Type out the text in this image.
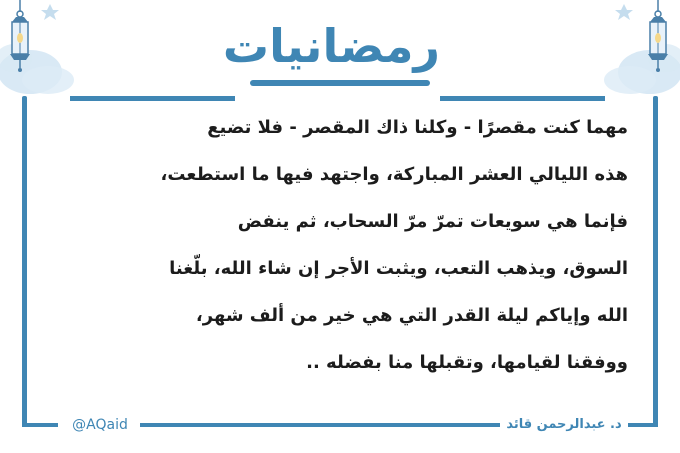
رمضانيات
مهما كنت مقصرًا - وكلنا ذاك المقصر - فلا تضيع
هذه الليالي العشر المباركة، واجتهد فيها ما استطعت،
فإنما هي سويعات تمرّ مرّ السحاب، ثم ينفض
السوق، ويذهب التعب، ويثبت الأجر إن شاء الله، بلّغنا
الله وإياكم ليلة القدر التي هي خير من ألف شهر،
ووفقنا لقيامها، وتقبلها منا بفضله ..
د. عبدالرحمن قائد
@AQaid
